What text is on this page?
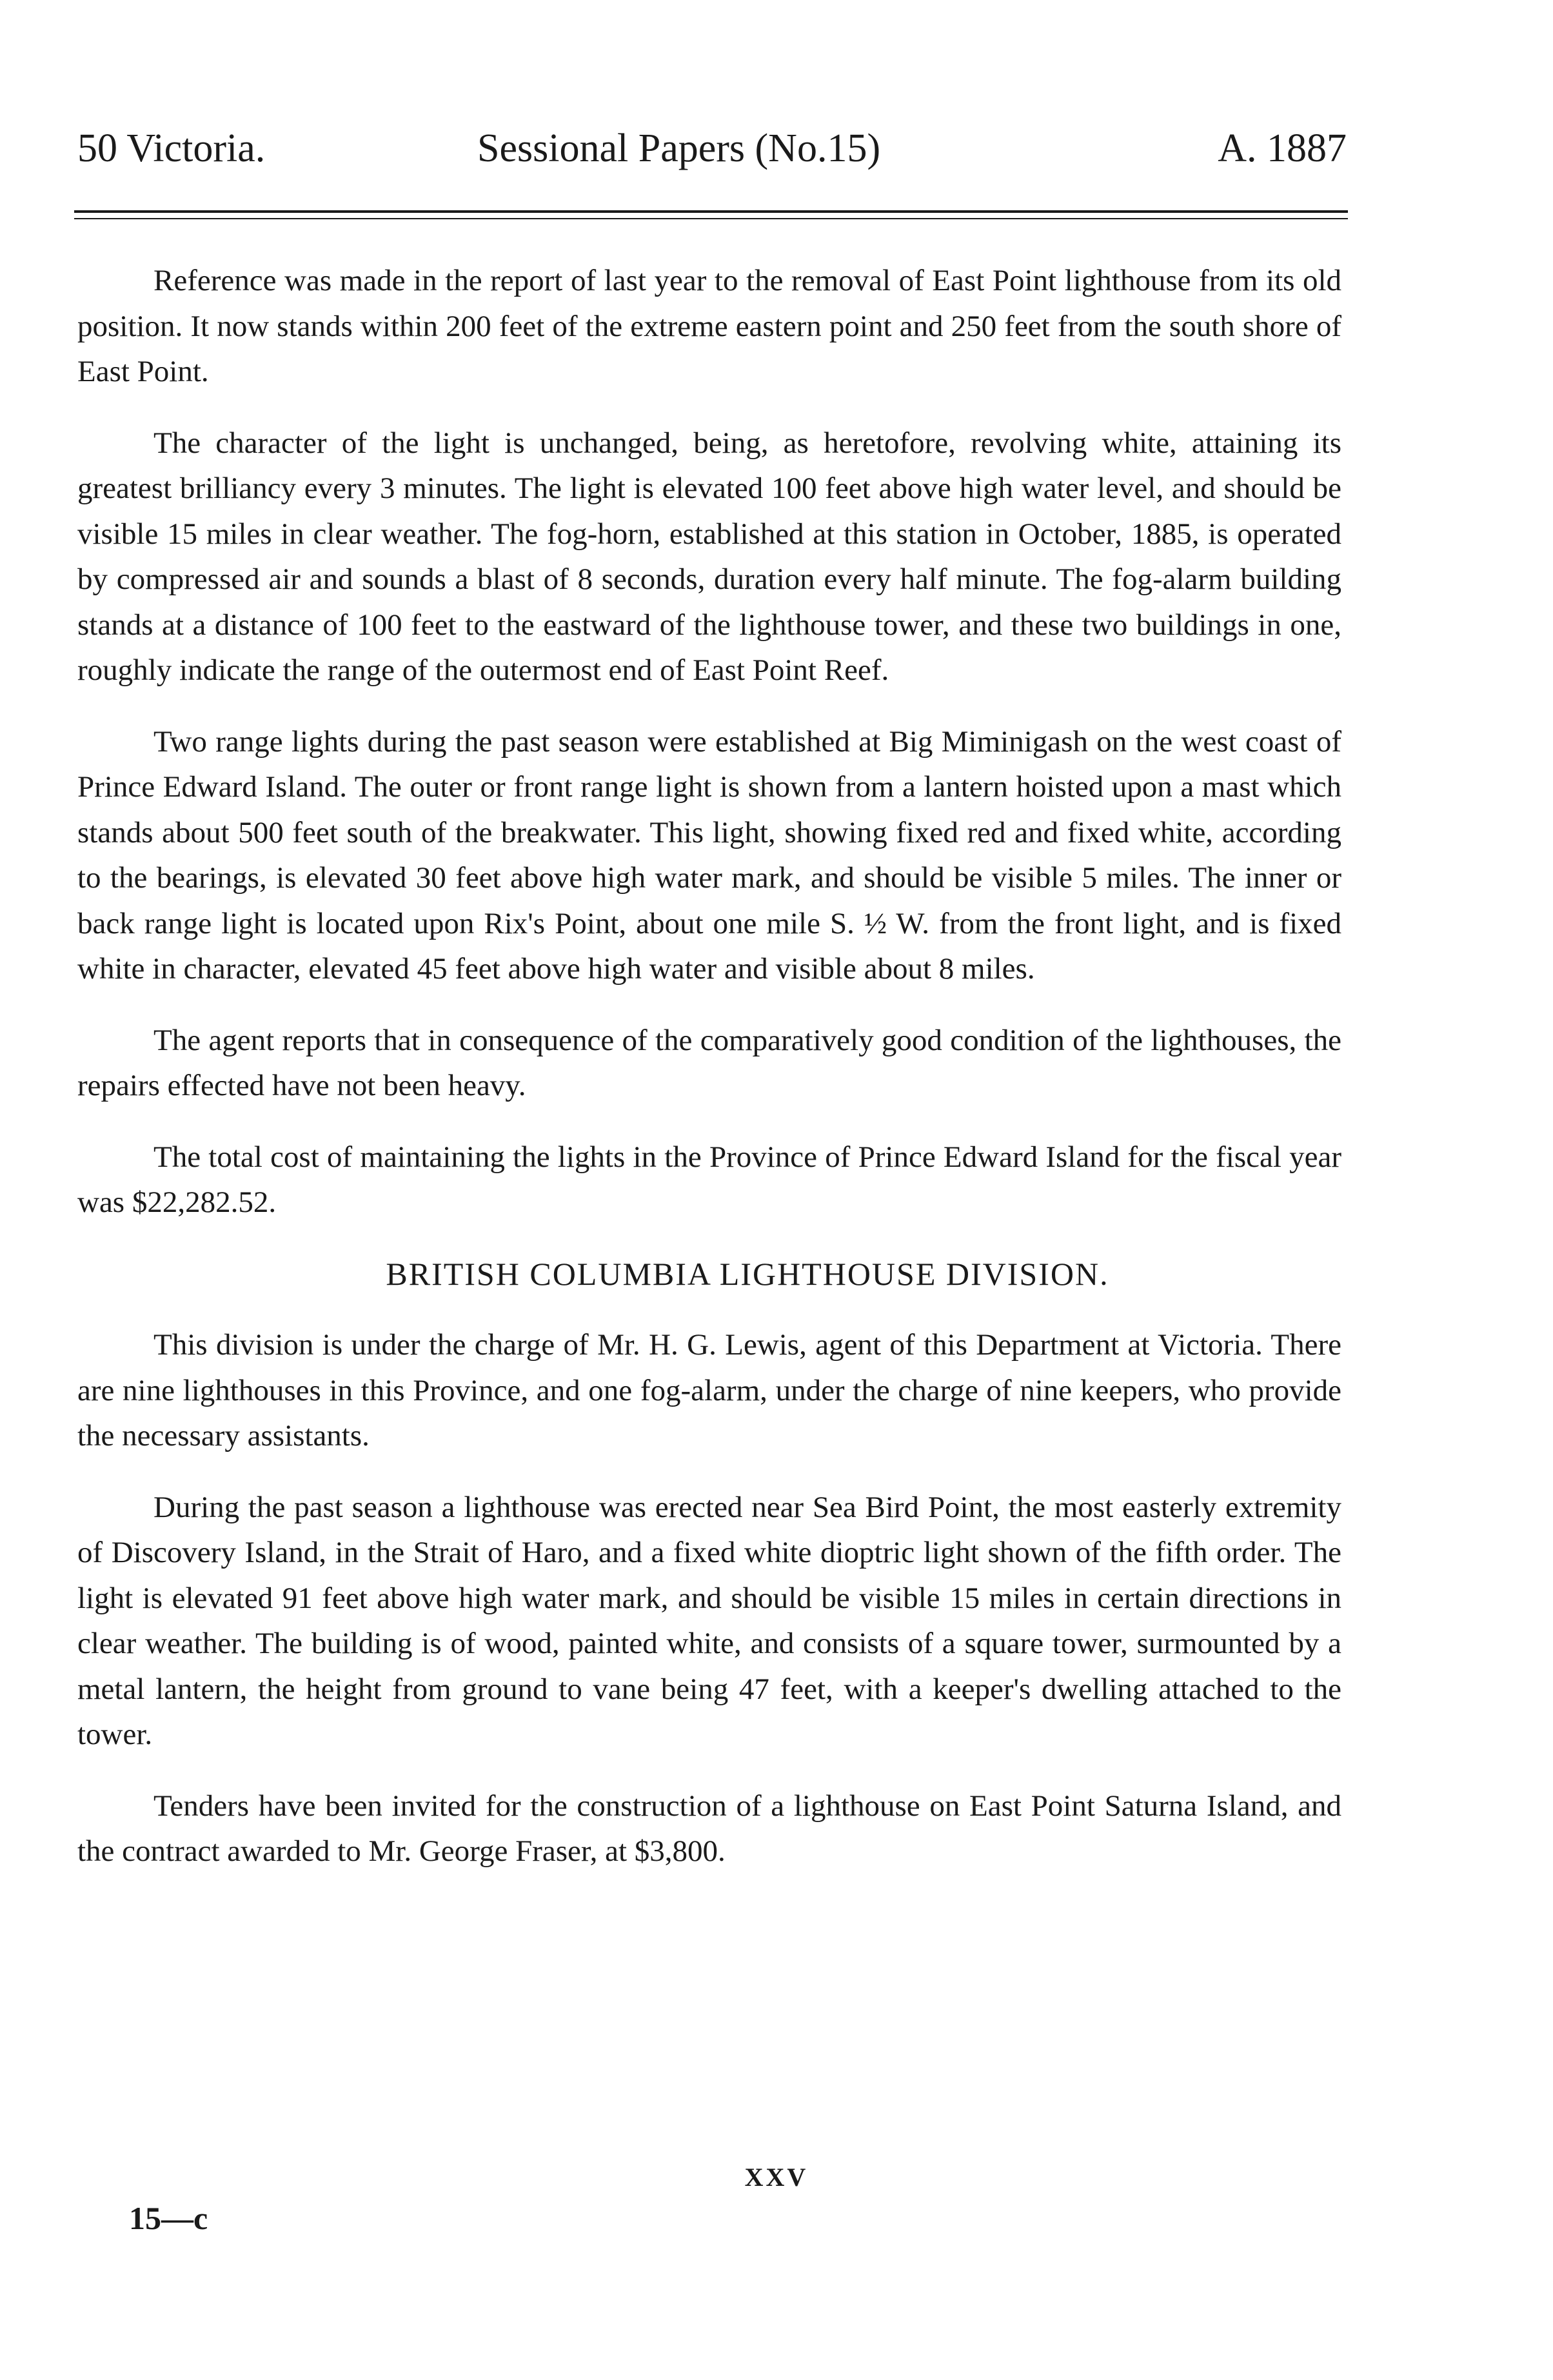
50 Victoria.	Sessional Papers (No.15)	A. 1887

Reference was made in the report of last year to the removal of East Point lighthouse from its old position. It now stands within 200 feet of the extreme eastern point and 250 feet from the south shore of East Point.

The character of the light is unchanged, being, as heretofore, revolving white, attaining its greatest brilliancy every 3 minutes. The light is elevated 100 feet above high water level, and should be visible 15 miles in clear weather. The fog-horn, established at this station in October, 1885, is operated by compressed air and sounds a blast of 8 seconds, duration every half minute. The fog-alarm building stands at a distance of 100 feet to the eastward of the lighthouse tower, and these two buildings in one, roughly indicate the range of the outermost end of East Point Reef.

Two range lights during the past season were established at Big Miminigash on the west coast of Prince Edward Island. The outer or front range light is shown from a lantern hoisted upon a mast which stands about 500 feet south of the breakwater. This light, showing fixed red and fixed white, according to the bearings, is elevated 30 feet above high water mark, and should be visible 5 miles. The inner or back range light is located upon Rix's Point, about one mile S. ½ W. from the front light, and is fixed white in character, elevated 45 feet above high water and visible about 8 miles.

The agent reports that in consequence of the comparatively good condition of the lighthouses, the repairs effected have not been heavy.

The total cost of maintaining the lights in the Province of Prince Edward Island for the fiscal year was $22,282.52.

BRITISH COLUMBIA LIGHTHOUSE DIVISION.

This division is under the charge of Mr. H. G. Lewis, agent of this Department at Victoria. There are nine lighthouses in this Province, and one fog-alarm, under the charge of nine keepers, who provide the necessary assistants.

During the past season a lighthouse was erected near Sea Bird Point, the most easterly extremity of Discovery Island, in the Strait of Haro, and a fixed white dioptric light shown of the fifth order. The light is elevated 91 feet above high water mark, and should be visible 15 miles in certain directions in clear weather. The building is of wood, painted white, and consists of a square tower, surmounted by a metal lantern, the height from ground to vane being 47 feet, with a keeper's dwelling attached to the tower.

Tenders have been invited for the construction of a lighthouse on East Point Saturna Island, and the contract awarded to Mr. George Fraser, at $3,800.

XXV
15—c
